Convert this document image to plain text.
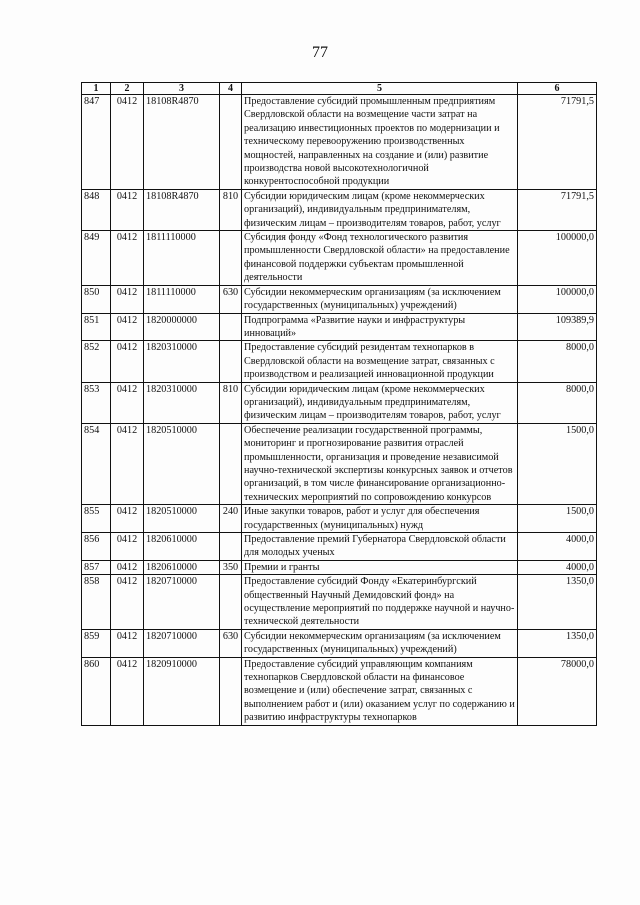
77
1	2	3	4	5	6
847	0412	18108R4870		Предоставление субсидий промышленным предприятиям Свердловской области на возмещение части затрат на реализацию инвестиционных проектов по модернизации и техническому перевооружению производственных мощностей, направленных на создание и (или) развитие производства новой высокотехнологичной конкурентоспособной продукции	71791,5
848	0412	18108R4870	810	Субсидии юридическим лицам (кроме некоммерческих организаций), индивидуальным предпринимателям, физическим лицам – производителям товаров, работ, услуг	71791,5
849	0412	1811110000		Субсидия фонду «Фонд технологического развития промышленности Свердловской области» на предоставление финансовой поддержки субъектам промышленной деятельности	100000,0
850	0412	1811110000	630	Субсидии некоммерческим организациям (за исключением государственных (муниципальных) учреждений)	100000,0
851	0412	1820000000		Подпрограмма «Развитие науки и инфраструктуры инноваций»	109389,9
852	0412	1820310000		Предоставление субсидий резидентам технопарков в Свердловской области на возмещение затрат, связанных с производством и реализацией инновационной продукции	8000,0
853	0412	1820310000	810	Субсидии юридическим лицам (кроме некоммерческих организаций), индивидуальным предпринимателям, физическим лицам – производителям товаров, работ, услуг	8000,0
854	0412	1820510000		Обеспечение реализации государственной программы, мониторинг и прогнозирование развития отраслей промышленности, организация и проведение независимой научно-технической экспертизы конкурсных заявок и отчетов организаций, в том числе финансирование организационно-технических мероприятий по сопровождению конкурсов	1500,0
855	0412	1820510000	240	Иные закупки товаров, работ и услуг для обеспечения государственных (муниципальных) нужд	1500,0
856	0412	1820610000		Предоставление премий Губернатора Свердловской области для молодых ученых	4000,0
857	0412	1820610000	350	Премии и гранты	4000,0
858	0412	1820710000		Предоставление субсидий Фонду «Екатеринбургский общественный Научный Демидовский фонд» на осуществление мероприятий по поддержке научной и научно-технической деятельности	1350,0
859	0412	1820710000	630	Субсидии некоммерческим организациям (за исключением государственных (муниципальных) учреждений)	1350,0
860	0412	1820910000		Предоставление субсидий управляющим компаниям технопарков Свердловской области на финансовое возмещение и (или) обеспечение затрат, связанных с выполнением работ и (или) оказанием услуг по содержанию и развитию инфраструктуры технопарков	78000,0
